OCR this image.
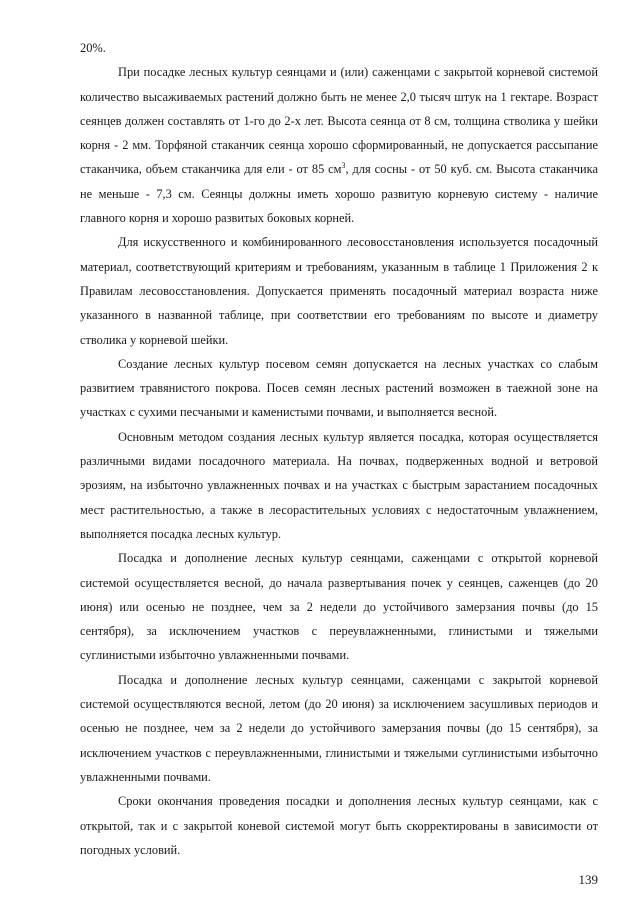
20%.

При посадке лесных культур сеянцами и (или) саженцами с закрытой корневой системой количество высаживаемых растений должно быть не менее 2,0 тысяч штук на 1 гектаре. Возраст сеянцев должен составлять от 1-го до 2-х лет. Высота сеянца от 8 см, толщина стволика у шейки корня - 2 мм. Торфяной стаканчик сеянца хорошо сформированный, не допускается рассыпание стаканчика, объем стаканчика для ели - от 85 $см^3$, для сосны - от 50 куб. см. Высота стаканчика не меньше - 7,3 см. Сеянцы должны иметь хорошо развитую корневую систему - наличие главного корня и хорошо развитых боковых корней.

Для искусственного и комбинированного лесовосстановления используется посадочный материал, соответствующий критериям и требованиям, указанным в таблице 1 Приложения 2 к Правилам лесовосстановления. Допускается применять посадочный материал возраста ниже указанного в названной таблице, при соответствии его требованиям по высоте и диаметру стволика у корневой шейки.

Создание лесных культур посевом семян допускается на лесных участках со слабым развитием травянистого покрова. Посев семян лесных растений возможен в таежной зоне на участках с сухими песчаными и каменистыми почвами, и выполняется весной.

Основным методом создания лесных культур является посадка, которая осуществляется различными видами посадочного материала. На почвах, подверженных водной и ветровой эрозиям, на избыточно увлажненных почвах и на участках с быстрым зарастанием посадочных мест растительностью, а также в лесорастительных условиях с недостаточным увлажнением, выполняется посадка лесных культур.

Посадка и дополнение лесных культур сеянцами, саженцами с открытой корневой системой осуществляется весной, до начала развертывания почек у сеянцев, саженцев (до 20 июня) или осенью не позднее, чем за 2 недели до устойчивого замерзания почвы (до 15 сентября), за исключением участков с переувлажненными, глинистыми и тяжелыми суглинистыми избыточно увлажненными почвами.

Посадка и дополнение лесных культур сеянцами, саженцами с закрытой корневой системой осуществляются весной, летом (до 20 июня) за исключением засушливых периодов и осенью не позднее, чем за 2 недели до устойчивого замерзания почвы (до 15 сентября), за исключением участков с переувлажненными, глинистыми и тяжелыми суглинистыми избыточно увлажненными почвами.

Сроки окончания проведения посадки и дополнения лесных культур сеянцами, как с открытой, так и с закрытой коневой системой могут быть скорректированы в зависимости от погодных условий.

139
